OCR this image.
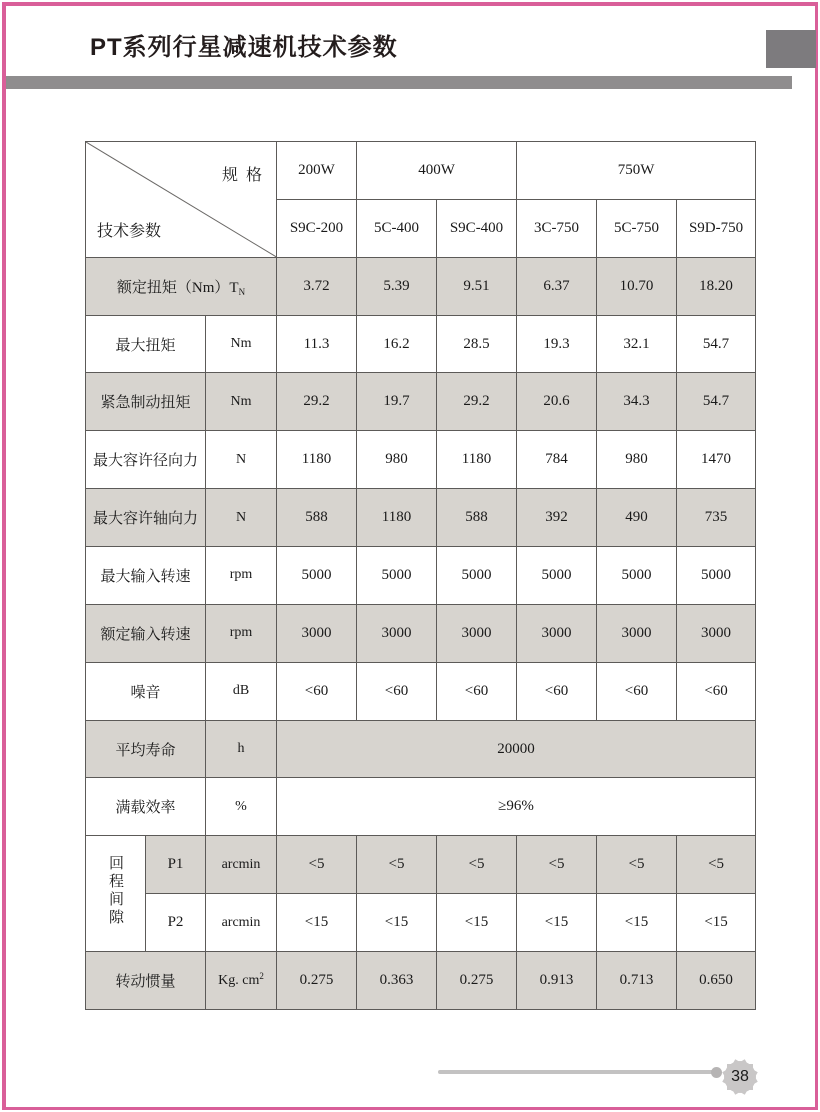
PT系列行星减速机技术参数
规  格
技术参数			200W	400W		750W		
			S9C-200	5C-400	S9C-400	3C-750	5C-750	S9D-750
额定扭矩$(Nm)T_N$			3.72	5.39	9.51	6.37	10.70	18.20
最大扭矩		Nm	11.3	16.2	28.5	19.3	32.1	54.7
紧急制动扭矩		Nm	29.2	19.7	29.2	20.6	34.3	54.7
最大容许径向力		N	1180	980	1180	784	980	1470
最大容许轴向力		N	588	1180	588	392	490	735
最大输入转速		rpm	5000	5000	5000	5000	5000	5000
额定输入转速		rpm	3000	3000	3000	3000	3000	3000
噪音		dB	<60	<60	<60	<60	<60	<60
平均寿命		h	20000					
满载效率		%	≥96%					
回程间隙	P1	arcmin	<5	<5	<5	<5	<5	<5
	P2	arcmin	<15	<15	<15	<15	<15	<15
转动惯量		Kg. $cm^2$	0.275	0.363	0.275	0.913	0.713	0.650
38
